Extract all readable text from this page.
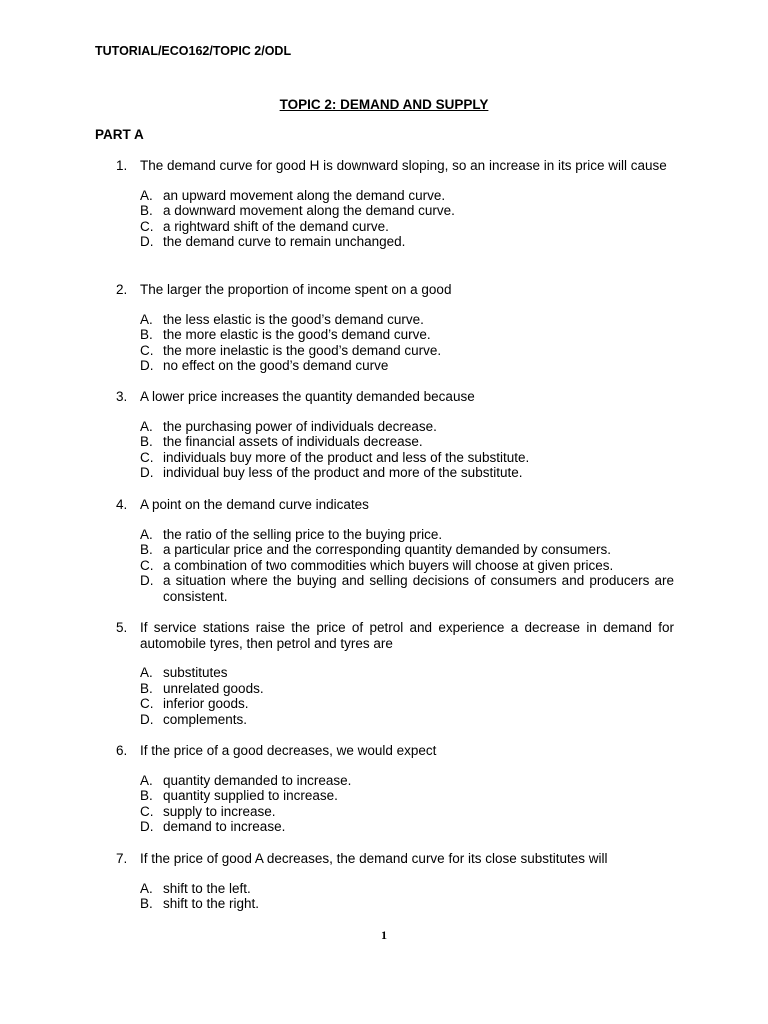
TUTORIAL/ECO162/TOPIC 2/ODL
TOPIC 2: DEMAND AND SUPPLY
PART A
1. The demand curve for good H is downward sloping, so an increase in its price will cause
A. an upward movement along the demand curve.
B. a downward movement along the demand curve.
C. a rightward shift of the demand curve.
D. the demand curve to remain unchanged.
2. The larger the proportion of income spent on a good
A. the less elastic is the good’s demand curve.
B. the more elastic is the good’s demand curve.
C. the more inelastic is the good’s demand curve.
D. no effect on the good’s demand curve
3. A lower price increases the quantity demanded because
A. the purchasing power of individuals decrease.
B. the financial assets of individuals decrease.
C. individuals buy more of the product and less of the substitute.
D. individual buy less of the product and more of the substitute.
4. A point on the demand curve indicates
A. the ratio of the selling price to the buying price.
B. a particular price and the corresponding quantity demanded by consumers.
C. a combination of two commodities which buyers will choose at given prices.
D. a situation where the buying and selling decisions of consumers and producers are consistent.
5. If service stations raise the price of petrol and experience a decrease in demand for automobile tyres, then petrol and tyres are
A. substitutes
B. unrelated goods.
C. inferior goods.
D. complements.
6. If the price of a good decreases, we would expect
A. quantity demanded to increase.
B. quantity supplied to increase.
C. supply to increase.
D. demand to increase.
7. If the price of good A decreases, the demand curve for its close substitutes will
A. shift to the left.
B. shift to the right.
1
